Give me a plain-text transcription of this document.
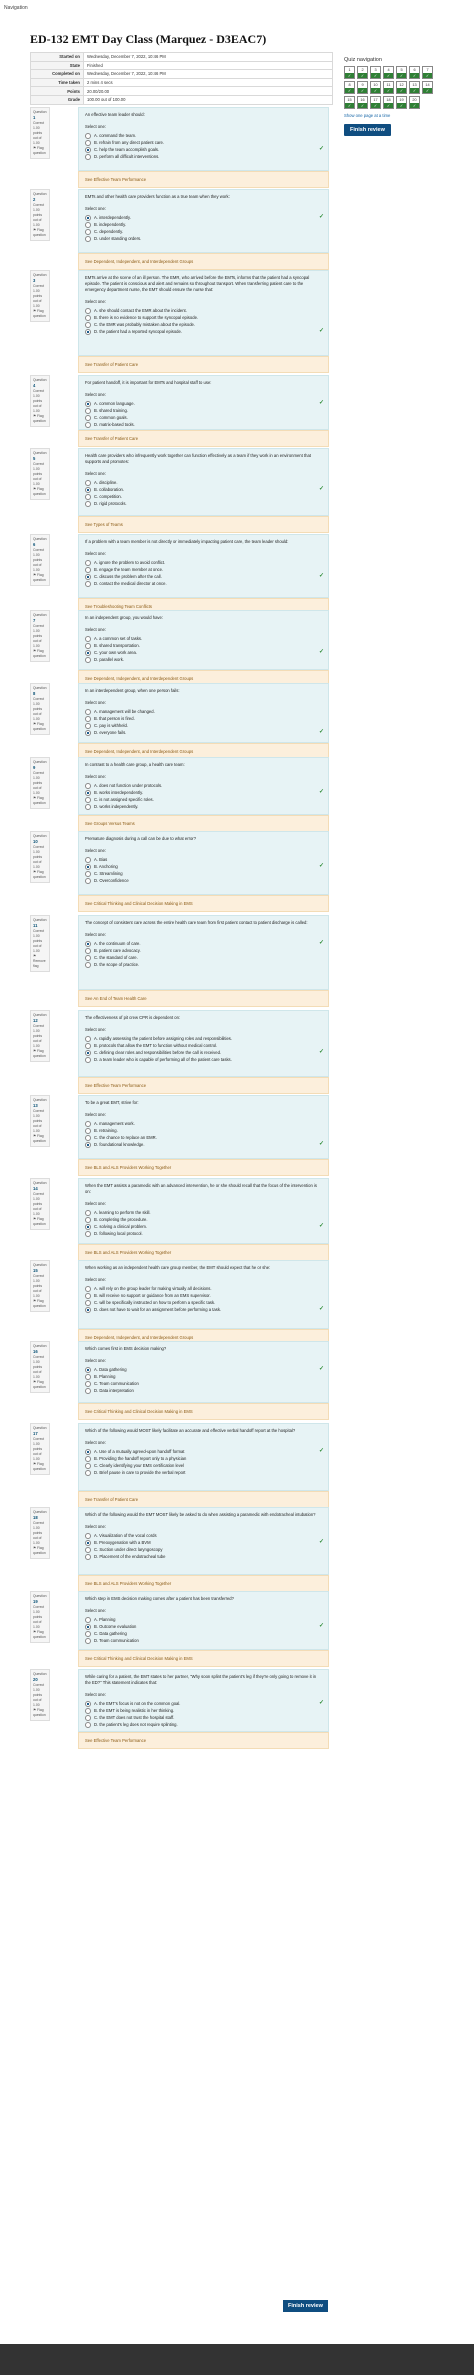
Navigation
ED-132 EMT Day Class (Marquez - D3EAC7)
Started on	Wednesday, December 7, 2022, 10:46 PM
State	Finished
Completed on	Wednesday, December 7, 2022, 10:46 PM
Time taken	2 mins 4 secs
Points	20.00/20.00
Grade	100.00 out of 100.00
Question 1
Correct
1.00 points out of 1.00
⚑ Flag question
An effective team leader should:
Select one:
A. command the team.
B. refrain from any direct patient care.
C. help the team accomplish goals.	✓
D. perform all difficult interventions.
See Effective Team Performance
Question 2
Correct
1.00 points out of 1.00
⚑ Flag question
EMTs and other health care providers function as a true team when they work:
Select one:
A. interdependently.	✓
B. independently.
C. dependently.
D. under standing orders.
See Dependent, Independent, and Interdependent Groups
Question 3
Correct
1.00 points out of 1.00
⚑ Flag question
EMTs arrive at the scene of an ill person. The EMR, who arrived before the EMTs, informs that the patient had a syncopal episode. The patient is conscious and alert and remains so throughout transport. When transferring patient care to the emergency department nurse, the EMT should ensure the nurse that:
Select one:
A. she should contact the EMR about the incident.
B. there is no evidence to support the syncopal episode.
C. the EMR was probably mistaken about the episode.
D. the patient had a reported syncopal episode.	✓
See Transfer of Patient Care
Question 4
Correct
1.00 points out of 1.00
⚑ Flag question
For patient handoff, it is important for EMTs and hospital staff to use:
Select one:
A. common language.	✓
B. shared training.
C. common goals.
D. matrix-based tools.
See Transfer of Patient Care
Question 5
Correct
1.00 points out of 1.00
⚑ Flag question
Health care providers who infrequently work together can function effectively as a team if they work in an environment that supports and promotes:
Select one:
A. discipline.
B. collaboration.	✓
C. competition.
D. rigid protocols.
See Types of Teams
Question 6
Correct
1.00 points out of 1.00
⚑ Flag question
If a problem with a team member is not directly or immediately impacting patient care, the team leader should:
Select one:
A. ignore the problem to avoid conflict.
B. engage the team member at once.
C. discuss the problem after the call.	✓
D. contact the medical director at once.
See Troubleshooting Team Conflicts
Question 7
Correct
1.00 points out of 1.00
⚑ Flag question
In an independent group, you would have:
Select one:
A. a common set of tasks.
B. shared transportation.
C. your own work area.	✓
D. parallel work.
See Dependent, Independent, and Interdependent Groups
Question 8
Correct
1.00 points out of 1.00
⚑ Flag question
In an interdependent group, when one person fails:
Select one:
A. management will be changed.
B. that person is fired.
C. pay is withheld.
D. everyone fails.	✓
See Dependent, Independent, and Interdependent Groups
Question 9
Correct
1.00 points out of 1.00
⚑ Flag question
In contrast to a health care group, a health care team:
Select one:
A. does not function under protocols.
B. works interdependently.	✓
C. is not assigned specific roles.
D. works independently.
See Groups Versus Teams
Question 10
Correct
1.00 points out of 1.00
⚑ Flag question
Premature diagnosis during a call can be due to what error?
Select one:
A. Bias
B. Anchoring	✓
C. Streamlining
D. Overconfidence
See Critical Thinking and Clinical Decision Making in EMS
Question 11
Correct
1.00 points out of 1.00
⚑ Remove flag
The concept of consistent care across the entire health care team from first patient contact to patient discharge is called:
Select one:
A. the continuum of care.	✓
B. patient care advocacy.
C. the standard of care.
D. the scope of practice.
See An End of Team Health Care
Question 12
Correct
1.00 points out of 1.00
⚑ Flag question
The effectiveness of pit crew CPR is dependent on:
Select one:
A. rapidly assessing the patient before assigning roles and responsibilities.
B. protocols that allow the EMT to function without medical control.
C. defining clear roles and responsibilities before the call is received.	✓
D. a team leader who is capable of performing all of the patient care tasks.
See Effective Team Performance
Question 13
Correct
1.00 points out of 1.00
⚑ Flag question
To be a great EMT, strive for:
Select one:
A. management work.
B. retraining.
C. the chance to replace an EMR.
D. foundational knowledge.	✓
See BLS and ALS Providers Working Together
Question 14
Correct
1.00 points out of 1.00
⚑ Flag question
When the EMT assists a paramedic with an advanced intervention, he or she should recall that the focus of the intervention is on:
Select one:
A. learning to perform the skill.
B. completing the procedure.
C. solving a clinical problem.	✓
D. following local protocol.
See BLS and ALS Providers Working Together
Question 15
Correct
1.00 points out of 1.00
⚑ Flag question
When working as an independent health care group member, the EMT should expect that he or she:
Select one:
A. will rely on the group leader for making virtually all decisions.
B. will receive no support or guidance from an EMS supervisor.
C. will be specifically instructed on how to perform a specific task.
D. does not have to wait for an assignment before performing a task.	✓
See Dependent, Independent, and Interdependent Groups
Question 16
Correct
1.00 points out of 1.00
⚑ Flag question
Which comes first in EMS decision making?
Select one:
A. Data gathering	✓
B. Planning
C. Team communication
D. Data interpretation
See Critical Thinking and Clinical Decision Making in EMS
Question 17
Correct
1.00 points out of 1.00
⚑ Flag question
Which of the following would MOST likely facilitate an accurate and effective verbal handoff report at the hospital?
Select one:
A. Use of a mutually agreed-upon handoff format	✓
B. Providing the handoff report only to a physician
C. Clearly identifying your EMS certification level
D. Brief pause in care to provide the verbal report
See Transfer of Patient Care
Question 18
Correct
1.00 points out of 1.00
⚑ Flag question
Which of the following would the EMT MOST likely be asked to do when assisting a paramedic with endotracheal intubation?
Select one:
A. Visualization of the vocal cords
B. Preoxygenation with a BVM	✓
C. Suction under direct laryngoscopy
D. Placement of the endotracheal tube
See BLS and ALS Providers Working Together
Question 19
Correct
1.00 points out of 1.00
⚑ Flag question
Which step in EMS decision making comes after a patient has been transferred?
Select one:
A. Planning
B. Outcome evaluation	✓
C. Data gathering
D. Team communication
See Critical Thinking and Clinical Decision Making in EMS
Question 20
Correct
1.00 points out of 1.00
⚑ Flag question
While caring for a patient, the EMT states to her partner, "Why soon splint the patient's leg if they're only going to remove it in the ED?" This statement indicates that:
Select one:
A. the EMT's focus is not on the common goal.	✓
B. the EMT is being realistic in her thinking.
C. the EMT does not trust the hospital staff.
D. the patient's leg does not require splinting.
See Effective Team Performance
Quiz navigation
1
✓
2
✓
3
✓
4
✓
5
✓
6
✓
7
✓
8
✓
9
✓
10
✓
11
✓
12
✓
13
✓
14
✓
15
✓
16
✓
17
✓
18
✓
19
✓
20
✓
Show one page at a time
Finish review
Finish review
